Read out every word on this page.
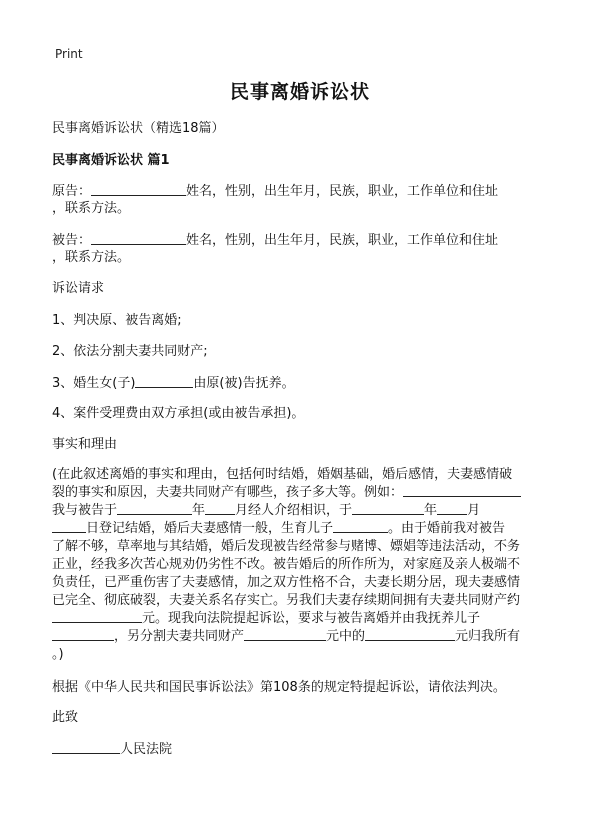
Print
民事离婚诉讼状
民事离婚诉讼状（精选18篇）
民事离婚诉讼状 篇1
原告：	姓名，性别，出生年月，民族，职业，工作单位和住址
，联系方法。
被告：	姓名，性别，出生年月，民族，职业，工作单位和住址
，联系方法。
诉讼请求
1、判决原、被告离婚;
2、依法分割夫妻共同财产;
3、婚生女(子)	由原(被)告抚养。
4、案件受理费由双方承担(或由被告承担)。
事实和理由
(在此叙述离婚的事实和理由，包括何时结婚，婚姻基础，婚后感情，夫妻感情破
裂的事实和原因，夫妻共同财产有哪些，孩子多大等。例如：
我与被告于	年 月经人介绍相识，于	年 月
日登记结婚，婚后夫妻感情一般，生育儿子	。由于婚前我对被告
了解不够，草率地与其结婚，婚后发现被告经常参与赌博、嫖娼等违法活动，不务
正业，经我多次苦心规劝仍劣性不改。被告婚后的所作所为，对家庭及亲人极端不
负责任，已严重伤害了夫妻感情，加之双方性格不合，夫妻长期分居，现夫妻感情
已完全、彻底破裂，夫妻关系名存实亡。另我们夫妻存续期间拥有夫妻共同财产约
元。现我向法院提起诉讼，要求与被告离婚并由我抚养儿子
，另分割夫妻共同财产	元中的	元归我所有
。)
根据《中华人民共和国民事诉讼法》第108条的规定特提起诉讼，请依法判决。
此致
人民法院
